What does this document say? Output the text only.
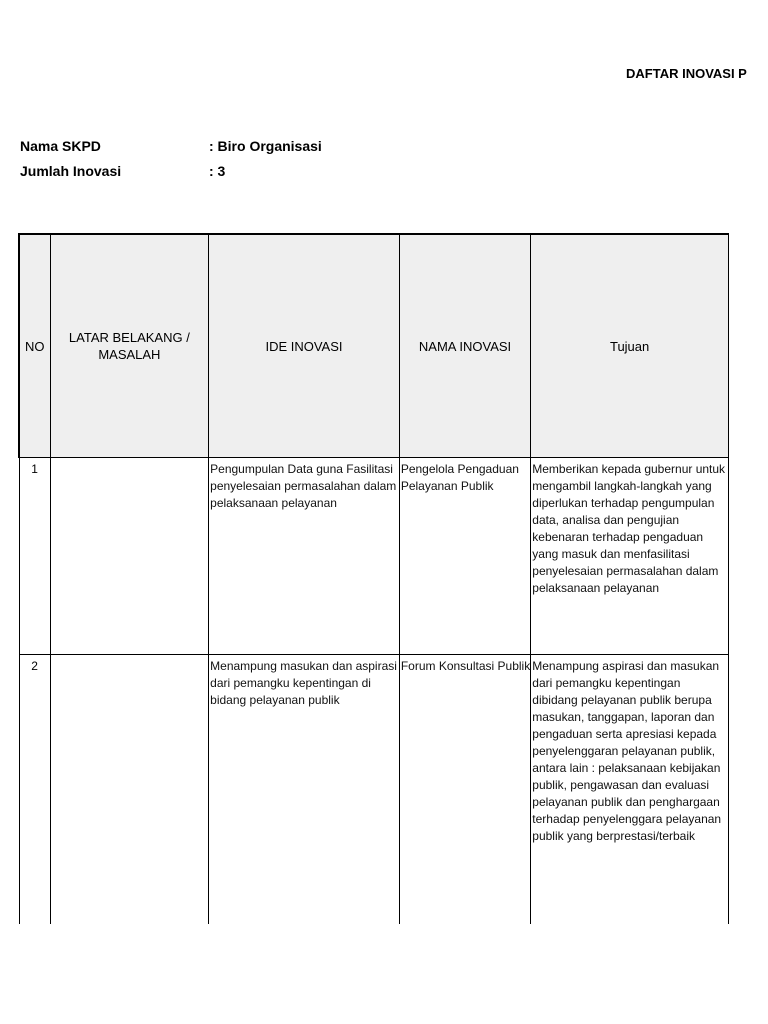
DAFTAR INOVASI P
Nama SKPD	: Biro Organisasi
Jumlah Inovasi	: 3
NO	LATAR BELAKANG / MASALAH	IDE INOVASI	NAMA INOVASI	Tujuan
1		Pengumpulan Data guna Fasilitasi penyelesaian permasalahan dalam pelaksanaan pelayanan	Pengelola Pengaduan Pelayanan Publik	Memberikan kepada gubernur untuk mengambil langkah-langkah yang diperlukan terhadap pengumpulan data, analisa dan pengujian kebenaran terhadap pengaduan yang masuk dan menfasilitasi penyelesaian permasalahan dalam pelaksanaan pelayanan
2		Menampung masukan dan aspirasi dari pemangku kepentingan di bidang pelayanan publik	Forum Konsultasi Publik	Menampung aspirasi dan masukan dari pemangku kepentingan dibidang pelayanan publik berupa masukan, tanggapan, laporan dan pengaduan serta apresiasi kepada penyelenggaran pelayanan publik, antara lain : pelaksanaan kebijakan publik, pengawasan dan evaluasi pelayanan publik dan penghargaan terhadap penyelenggara pelayanan publik yang berprestasi/terbaik
